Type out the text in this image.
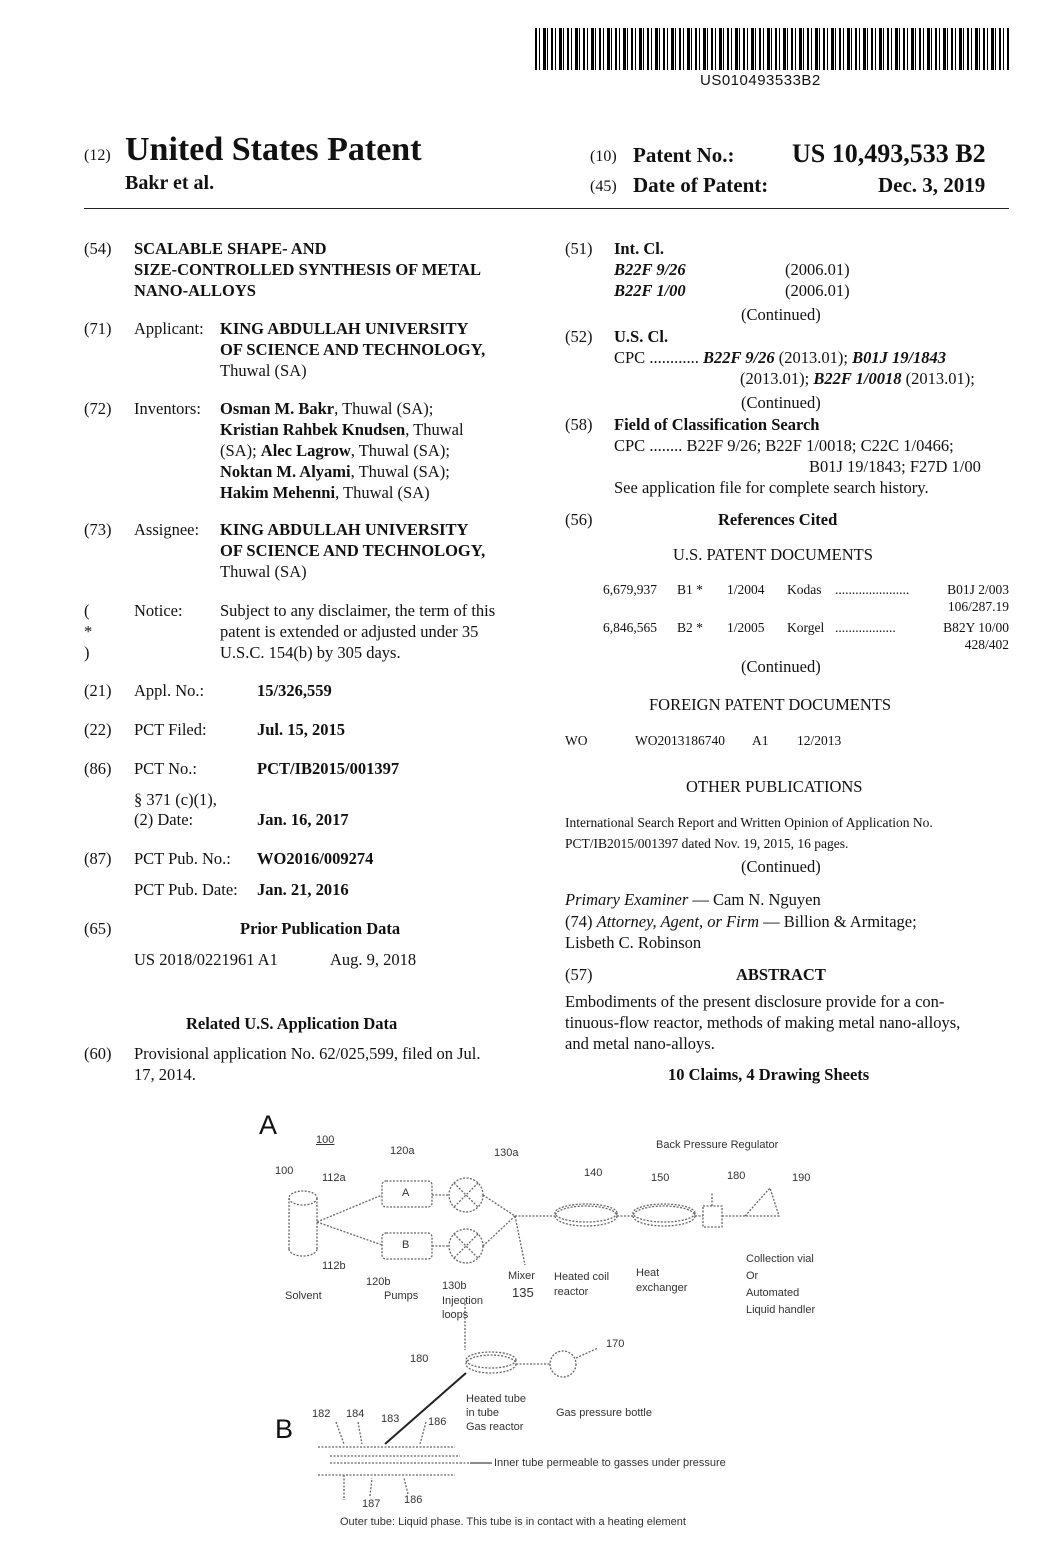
US010493533B2
(12) United States Patent
Bakr et al.
(10) Patent No.: US 10,493,533 B2
(45) Date of Patent:	Dec. 3, 2019
(54) SCALABLE SHAPE- AND
SIZE-CONTROLLED SYNTHESIS OF METAL
NANO-ALLOYS
(71) Applicant: KING ABDULLAH UNIVERSITY
OF SCIENCE AND TECHNOLOGY,
Thuwal (SA)
(72) Inventors: Osman M. Bakr, Thuwal (SA);
Kristian Rahbek Knudsen, Thuwal
(SA); Alec Lagrow, Thuwal (SA);
Noktan M. Alyami, Thuwal (SA);
Hakim Mehenni, Thuwal (SA)
(73) Assignee: KING ABDULLAH UNIVERSITY
OF SCIENCE AND TECHNOLOGY,
Thuwal (SA)
( * )
Notice: Subject to any disclaimer, the term of this
patent is extended or adjusted under 35
U.S.C. 154(b) by 305 days.
(21) Appl. No.:	15/326,559
(22) PCT Filed:	Jul. 15, 2015
(86) PCT No.:	PCT/IB2015/001397
§ 371 (c)(1),
(2) Date:	Jan. 16, 2017
(87) PCT Pub. No.: WO2016/009274
PCT Pub. Date: Jan. 21, 2016
(65)	Prior Publication Data
US 2018/0221961 A1	Aug. 9, 2018
Related U.S. Application Data
(60) Provisional application No. 62/025,599, filed on Jul.
17, 2014.
(51) Int. Cl.
B22F 9/26	(2006.01)
B22F 1/00	(2006.01)
(Continued)
(52) U.S. Cl.
CPC ............ B22F 9/26 (2013.01); B01J 19/1843
(2013.01); B22F 1/0018 (2013.01);
(Continued)
(58) Field of Classification Search
CPC ........ B22F 9/26; B22F 1/0018; C22C 1/0466;
B01J 19/1843; F27D 1/00
See application file for complete search history.
(56)	References Cited
U.S. PATENT DOCUMENTS
6,679,937 B1 * 1/2004 Kodas ......................	B01J 2/003
106/287.19
6,846,565 B2 * 1/2005 Korgel ..................	B82Y 10/00
428/402
(Continued)
FOREIGN PATENT DOCUMENTS
WO	WO2013186740 A1 12/2013
OTHER PUBLICATIONS
International Search Report and Written Opinion of Application No.
PCT/IB2015/001397 dated Nov. 19, 2015, 16 pages.
(Continued)
Primary Examiner — Cam N. Nguyen
(74) Attorney, Agent, or Firm — Billion & Armitage;
Lisbeth C. Robinson
(57)	ABSTRACT
Embodiments of the present disclosure provide for a con-
tinuous-flow reactor, methods of making metal nano-alloys,
and metal nano-alloys.
10 Claims, 4 Drawing Sheets
A
B
100
100
112a
112b
120a
120b
130a
130b	135
140	150	180	190
180
170
A
B
Solvent	Pumps Injection
loops
Mixer Heated coil
reactor
Heat
exchanger
Back Pressure Regulator
Collection vial
Or
Automated
Liquid handler
Heated tube
in tube
Gas reactor
Gas pressure bottle
182 184 183	186
187 186
Inner tube permeable to gasses under pressure
Outer tube: Liquid phase. This tube is in contact with a heating element
